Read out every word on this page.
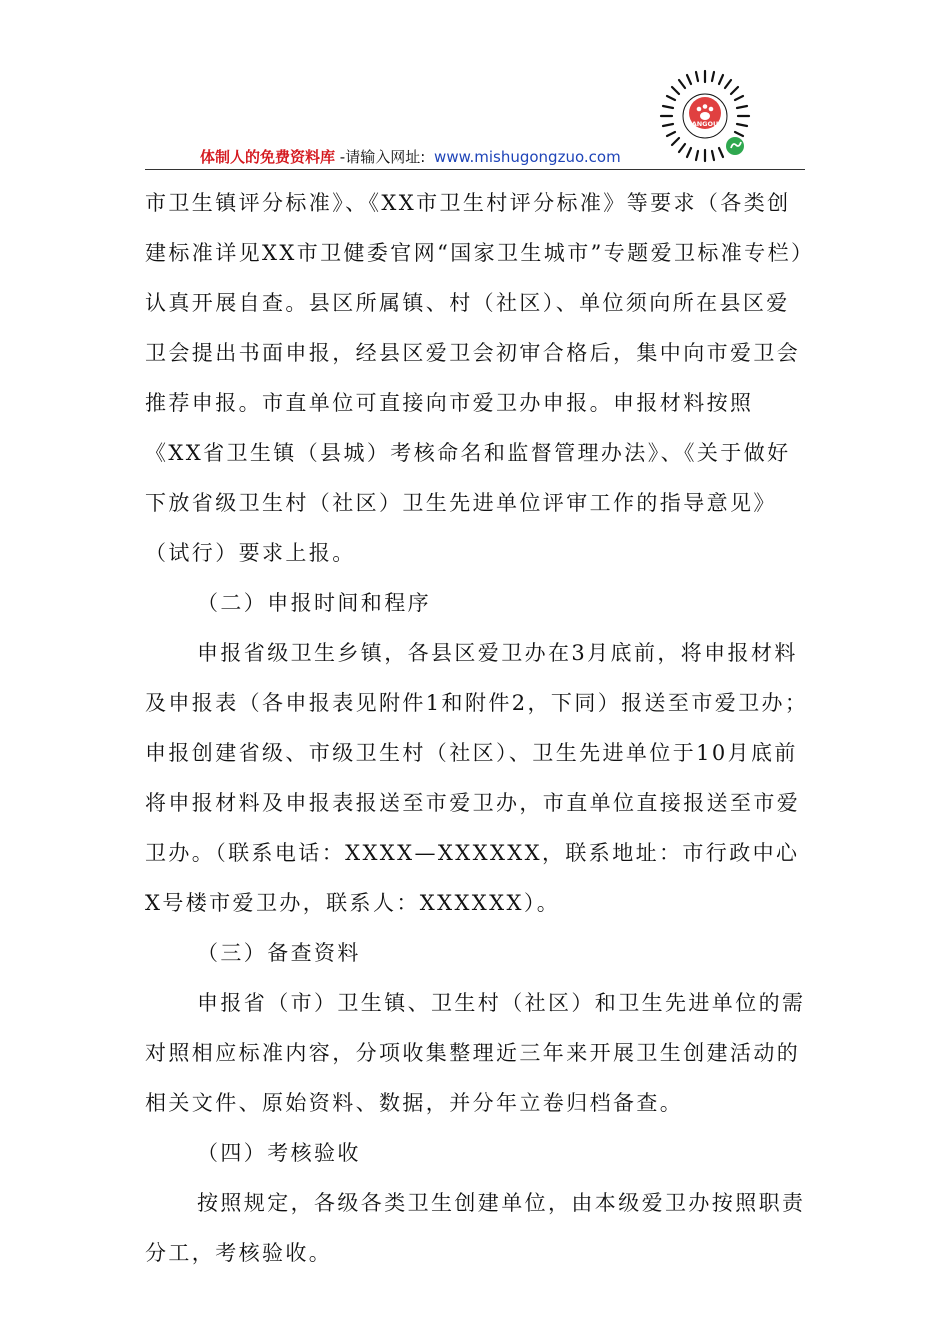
体制人的免费资料库 -请输入网址: www.mishugongzuo.com
ANGOU

市卫生镇评分标准》、《XX市卫生村评分标准》等要求（各类创建标准详见XX市卫健委官网“国家卫生城市”专题爱卫标准专栏）认真开展自查。县区所属镇、村（社区）、单位须向所在县区爱卫会提出书面申报，经县区爱卫会初审合格后，集中向市爱卫会推荐申报。市直单位可直接向市爱卫办申报。申报材料按照《XX省卫生镇（县城）考核命名和监督管理办法》、《关于做好下放省级卫生村（社区）卫生先进单位评审工作的指导意见》（试行）要求上报。

（二）申报时间和程序

申报省级卫生乡镇，各县区爱卫办在3月底前，将申报材料及申报表（各申报表见附件1和附件2，下同）报送至市爱卫办；申报创建省级、市级卫生村（社区）、卫生先进单位于10月底前将申报材料及申报表报送至市爱卫办，市直单位直接报送至市爱卫办。（联系电话：XXXX—XXXXXX，联系地址：市行政中心X号楼市爱卫办，联系人：XXXXXX）。

（三）备查资料

申报省（市）卫生镇、卫生村（社区）和卫生先进单位的需对照相应标准内容，分项收集整理近三年来开展卫生创建活动的相关文件、原始资料、数据，并分年立卷归档备查。

（四）考核验收

按照规定，各级各类卫生创建单位，由本级爱卫办按照职责分工，考核验收。
